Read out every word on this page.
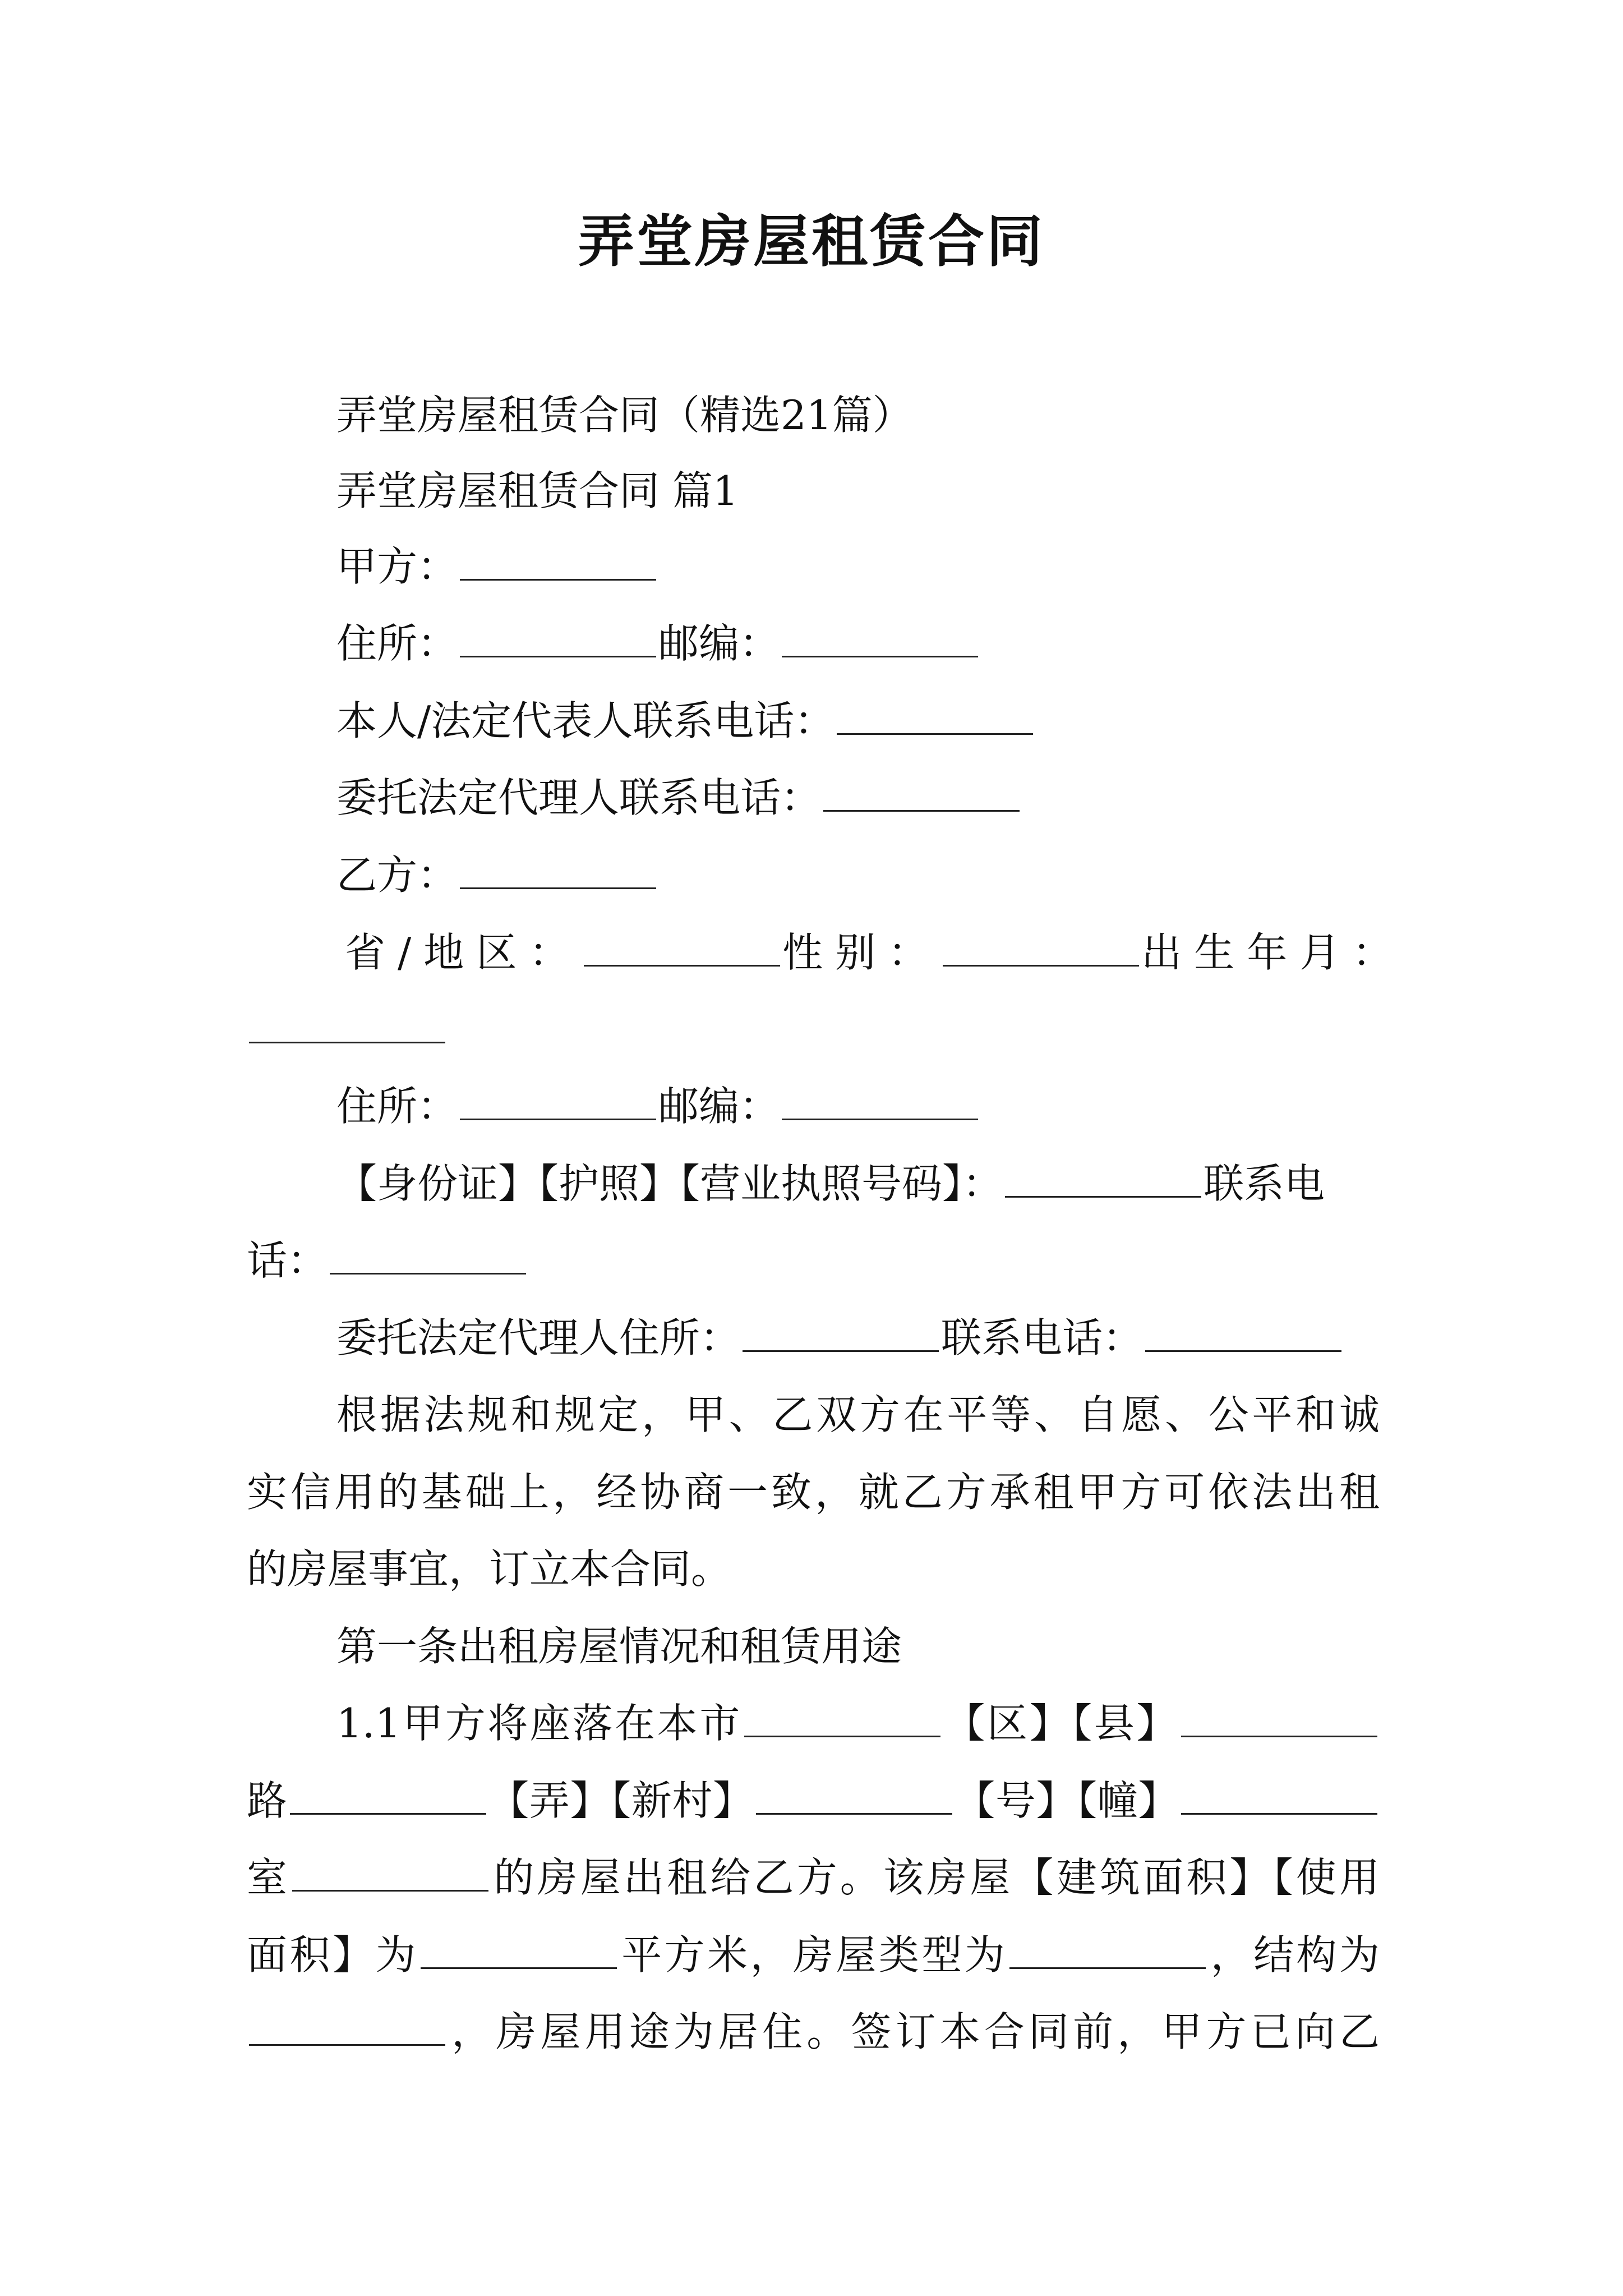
弄堂房屋租赁合同
弄堂房屋租赁合同（精选21篇）
弄堂房屋租赁合同 篇1
甲方：
住所：	邮编：
本人/法定代表人联系电话：
委托法定代理人联系电话：
乙方：
省/地区：	性别：	出生年月：
住所：	邮编：
【身份证】【护照】【营业执照号码】：	联系电
话：
委托法定代理人住所：	联系电话：
根据法规和规定，甲、乙双方在平等、自愿、公平和诚
实信用的基础上，经协商一致，就乙方承租甲方可依法出租
的房屋事宜，订立本合同。
第一条出租房屋情况和租赁用途
1.1甲方将座落在本市	【区】【县】
路	【弄】【新村】	【号】【幢】
室	的房屋出租给乙方。该房屋【建筑面积】【使用
面积】为	平方米，房屋类型为	，结构为
，房屋用途为居住。签订本合同前，甲方已向乙
